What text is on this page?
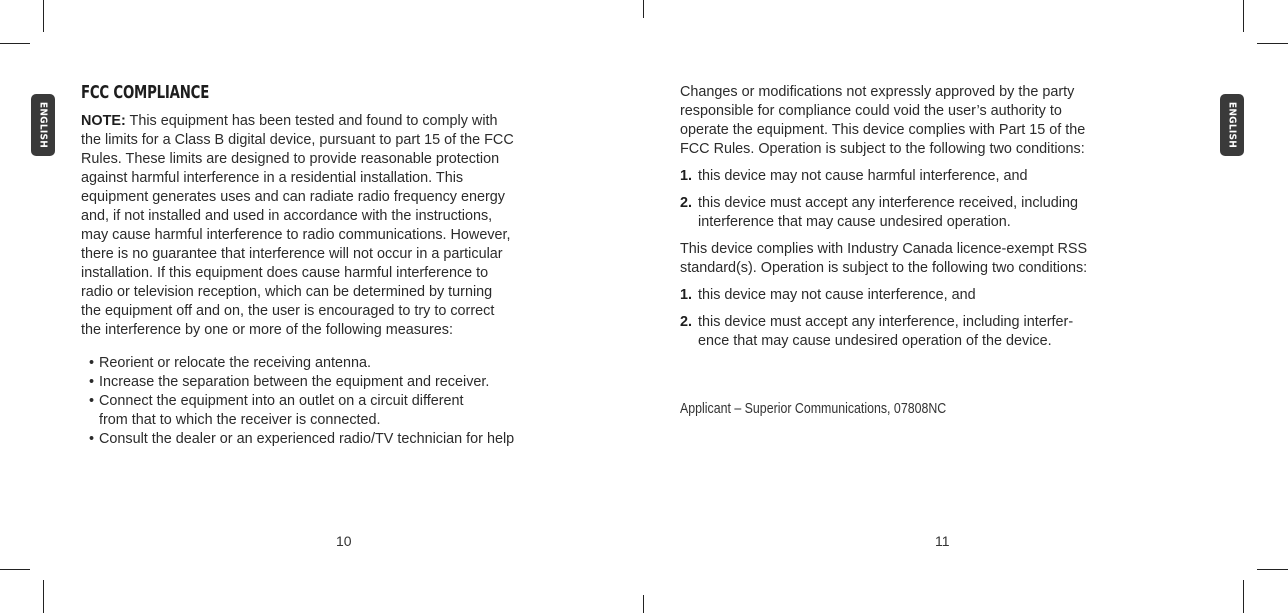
ENGLISH	ENGLISH
FCC COMPLIANCE
NOTE: This equipment has been tested and found to comply with
the limits for a Class B digital device, pursuant to part 15 of the FCC
Rules. These limits are designed to provide reasonable protection
against harmful interference in a residential installation. This
equipment generates uses and can radiate radio frequency energy
and, if not installed and used in accordance with the instructions,
may cause harmful interference to radio communications. However,
there is no guarantee that interference will not occur in a particular
installation. If this equipment does cause harmful interference to
radio or television reception, which can be determined by turning
the equipment off and on, the user is encouraged to try to correct
the interference by one or more of the following measures:
• Reorient or relocate the receiving antenna.
• Increase the separation between the equipment and receiver.
• Connect the equipment into an outlet on a circuit different
from that to which the receiver is connected.
• Consult the dealer or an experienced radio/TV technician for help
10

Changes or modifications not expressly approved by the party
responsible for compliance could void the user’s authority to
operate the equipment. This device complies with Part 15 of the
FCC Rules. Operation is subject to the following two conditions:

1. this device may not cause harmful interference, and
2. this device must accept any interference received, including
interference that may cause undesired operation.

This device complies with Industry Canada licence-exempt RSS
standard(s). Operation is subject to the following two conditions:

1. this device may not cause interference, and
2. this device must accept any interference, including interfer-
ence that may cause undesired operation of the device.
Applicant – Superior Communications, 07808NC
11
